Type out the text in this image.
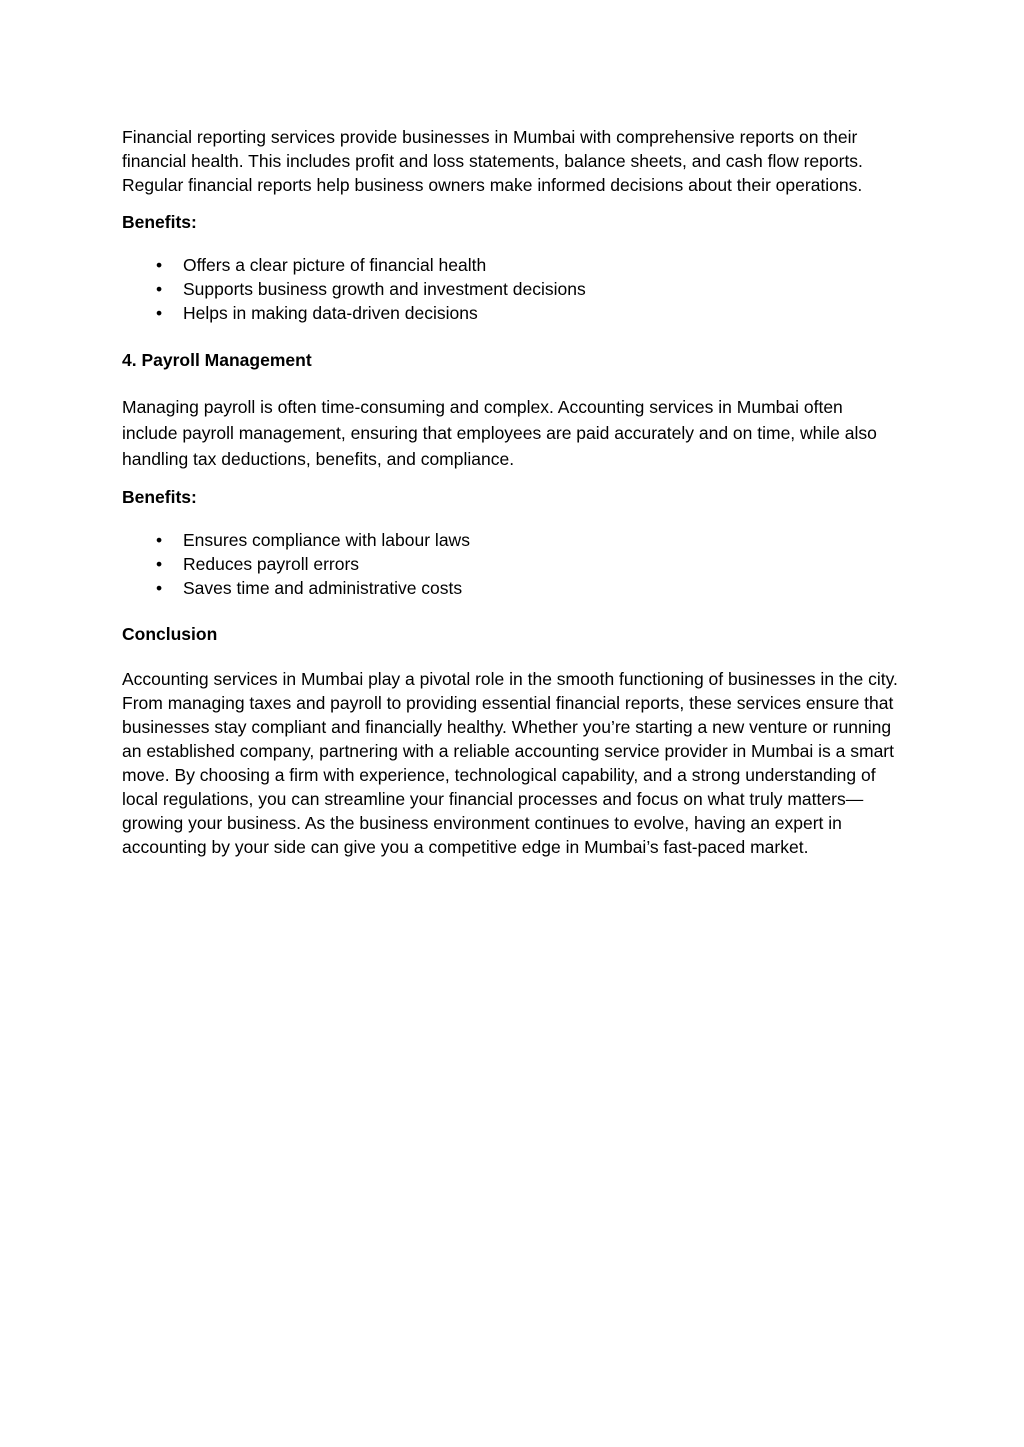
Financial reporting services provide businesses in Mumbai with comprehensive reports on their financial health. This includes profit and loss statements, balance sheets, and cash flow reports. Regular financial reports help business owners make informed decisions about their operations.

Benefits:
• Offers a clear picture of financial health
• Supports business growth and investment decisions
• Helps in making data-driven decisions
4. Payroll Management

Managing payroll is often time-consuming and complex. Accounting services in Mumbai often include payroll management, ensuring that employees are paid accurately and on time, while also handling tax deductions, benefits, and compliance.

Benefits:
• Ensures compliance with labour laws
• Reduces payroll errors
• Saves time and administrative costs
Conclusion

Accounting services in Mumbai play a pivotal role in the smooth functioning of businesses in the city. From managing taxes and payroll to providing essential financial reports, these services ensure that businesses stay compliant and financially healthy. Whether you’re starting a new venture or running an established company, partnering with a reliable accounting service provider in Mumbai is a smart move. By choosing a firm with experience, technological capability, and a strong understanding of local regulations, you can streamline your financial processes and focus on what truly matters—growing your business. As the business environment continues to evolve, having an expert in accounting by your side can give you a competitive edge in Mumbai’s fast-paced market.
